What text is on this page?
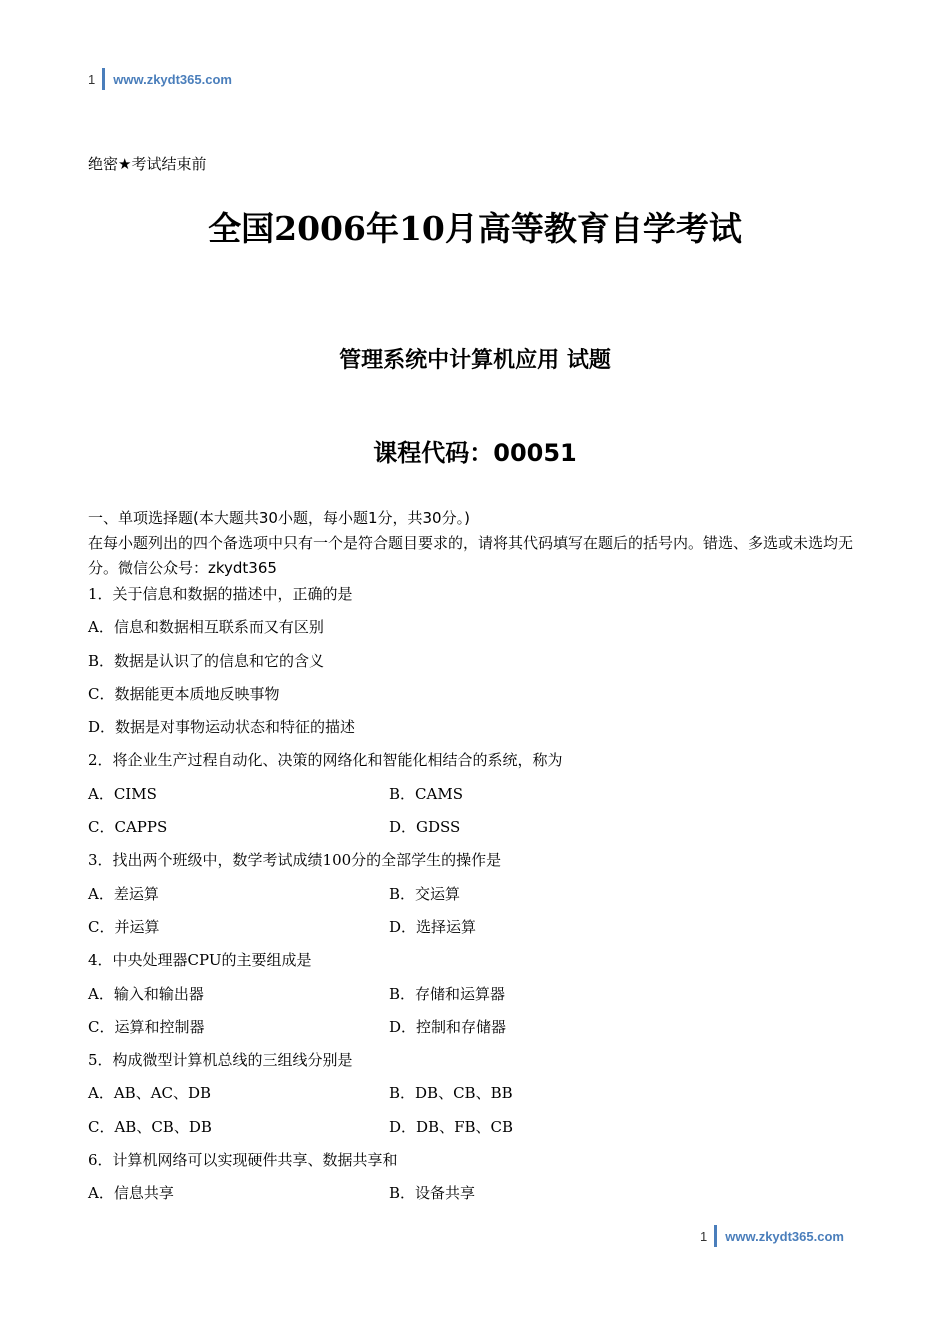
1 www.zkydt365.com
绝密★考试结束前
全国2006年10月高等教育自学考试
管理系统中计算机应用 试题
课程代码：00051
一、单项选择题(本大题共30小题，每小题1分，共30分。)
在每小题列出的四个备选项中只有一个是符合题目要求的，请将其代码填写在题后的括号内。错选、多选或未选均无分。微信公众号：zkydt365
1．关于信息和数据的描述中，正确的是
A．信息和数据相互联系而又有区别
B．数据是认识了的信息和它的含义
C．数据能更本质地反映事物
D．数据是对事物运动状态和特征的描述
2．将企业生产过程自动化、决策的网络化和智能化相结合的系统，称为
A．CIMS	B．CAMS
C．CAPPS	D．GDSS
3．找出两个班级中，数学考试成绩100分的全部学生的操作是
A．差运算	B．交运算
C．并运算	D．选择运算
4．中央处理器CPU的主要组成是
A．输入和输出器	B．存储和运算器
C．运算和控制器	D．控制和存储器
5．构成微型计算机总线的三组线分别是
A．AB、AC、DB	B．DB、CB、BB
C．AB、CB、DB	D．DB、FB、CB
6．计算机网络可以实现硬件共享、数据共享和
A．信息共享	B．设备共享
1 www.zkydt365.com
